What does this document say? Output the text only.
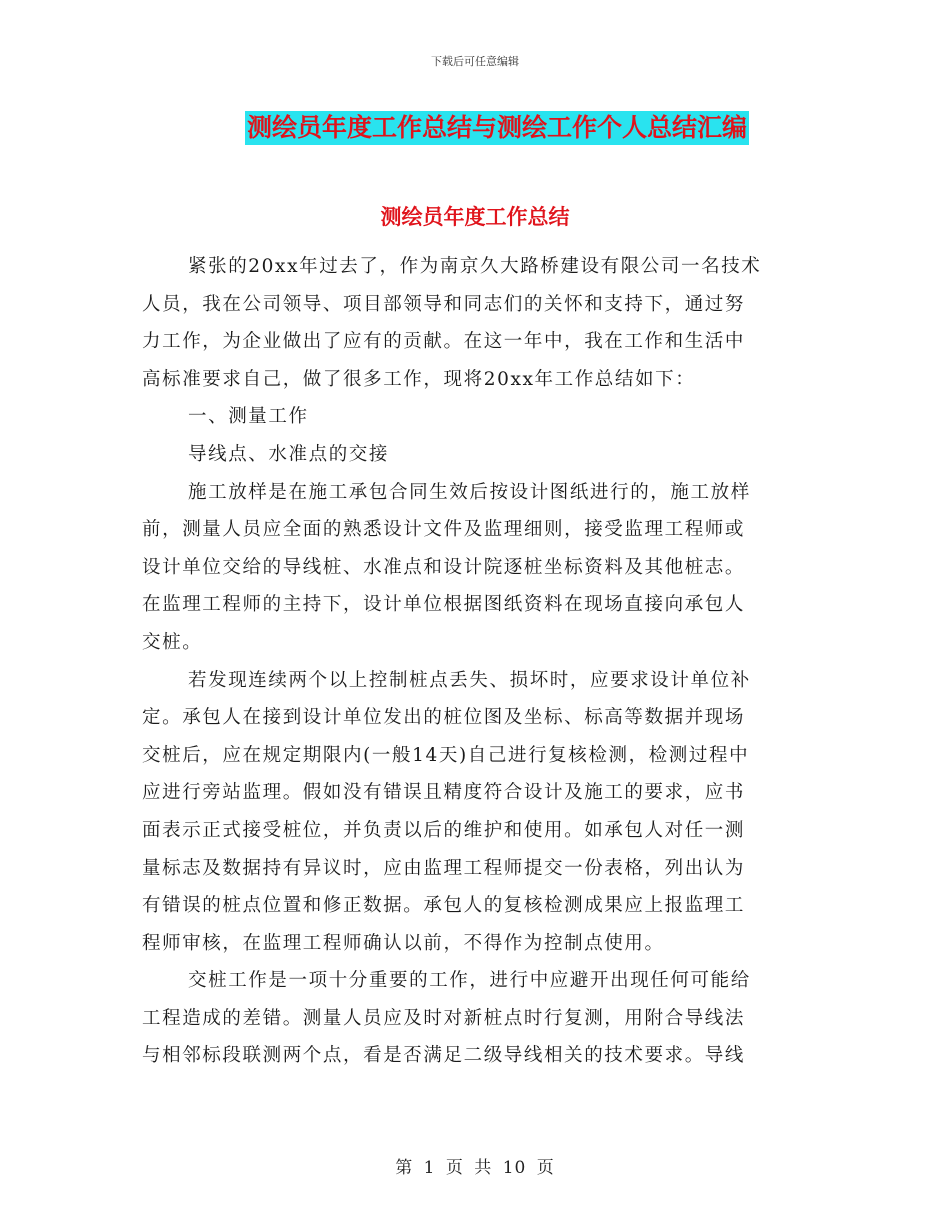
下载后可任意编辑
测绘员年度工作总结与测绘工作个人总结汇编
测绘员年度工作总结
紧张的20xx年过去了，作为南京久大路桥建设有限公司一名技术
人员，我在公司领导、项目部领导和同志们的关怀和支持下，通过努
力工作，为企业做出了应有的贡献。在这一年中，我在工作和生活中
高标准要求自己，做了很多工作，现将20xx年工作总结如下：
一、测量工作
导线点、水准点的交接
施工放样是在施工承包合同生效后按设计图纸进行的，施工放样
前，测量人员应全面的熟悉设计文件及监理细则，接受监理工程师或
设计单位交给的导线桩、水准点和设计院逐桩坐标资料及其他桩志。
在监理工程师的主持下，设计单位根据图纸资料在现场直接向承包人
交桩。
若发现连续两个以上控制桩点丢失、损坏时，应要求设计单位补
定。承包人在接到设计单位发出的桩位图及坐标、标高等数据并现场
交桩后，应在规定期限内(一般14天)自己进行复核检测，检测过程中
应进行旁站监理。假如没有错误且精度符合设计及施工的要求，应书
面表示正式接受桩位，并负责以后的维护和使用。如承包人对任一测
量标志及数据持有异议时，应由监理工程师提交一份表格，列出认为
有错误的桩点位置和修正数据。承包人的复核检测成果应上报监理工
程师审核，在监理工程师确认以前，不得作为控制点使用。
交桩工作是一项十分重要的工作，进行中应避开出现任何可能给
工程造成的差错。测量人员应及时对新桩点时行复测，用附合导线法
与相邻标段联测两个点，看是否满足二级导线相关的技术要求。导线
第 1 页 共 10 页
